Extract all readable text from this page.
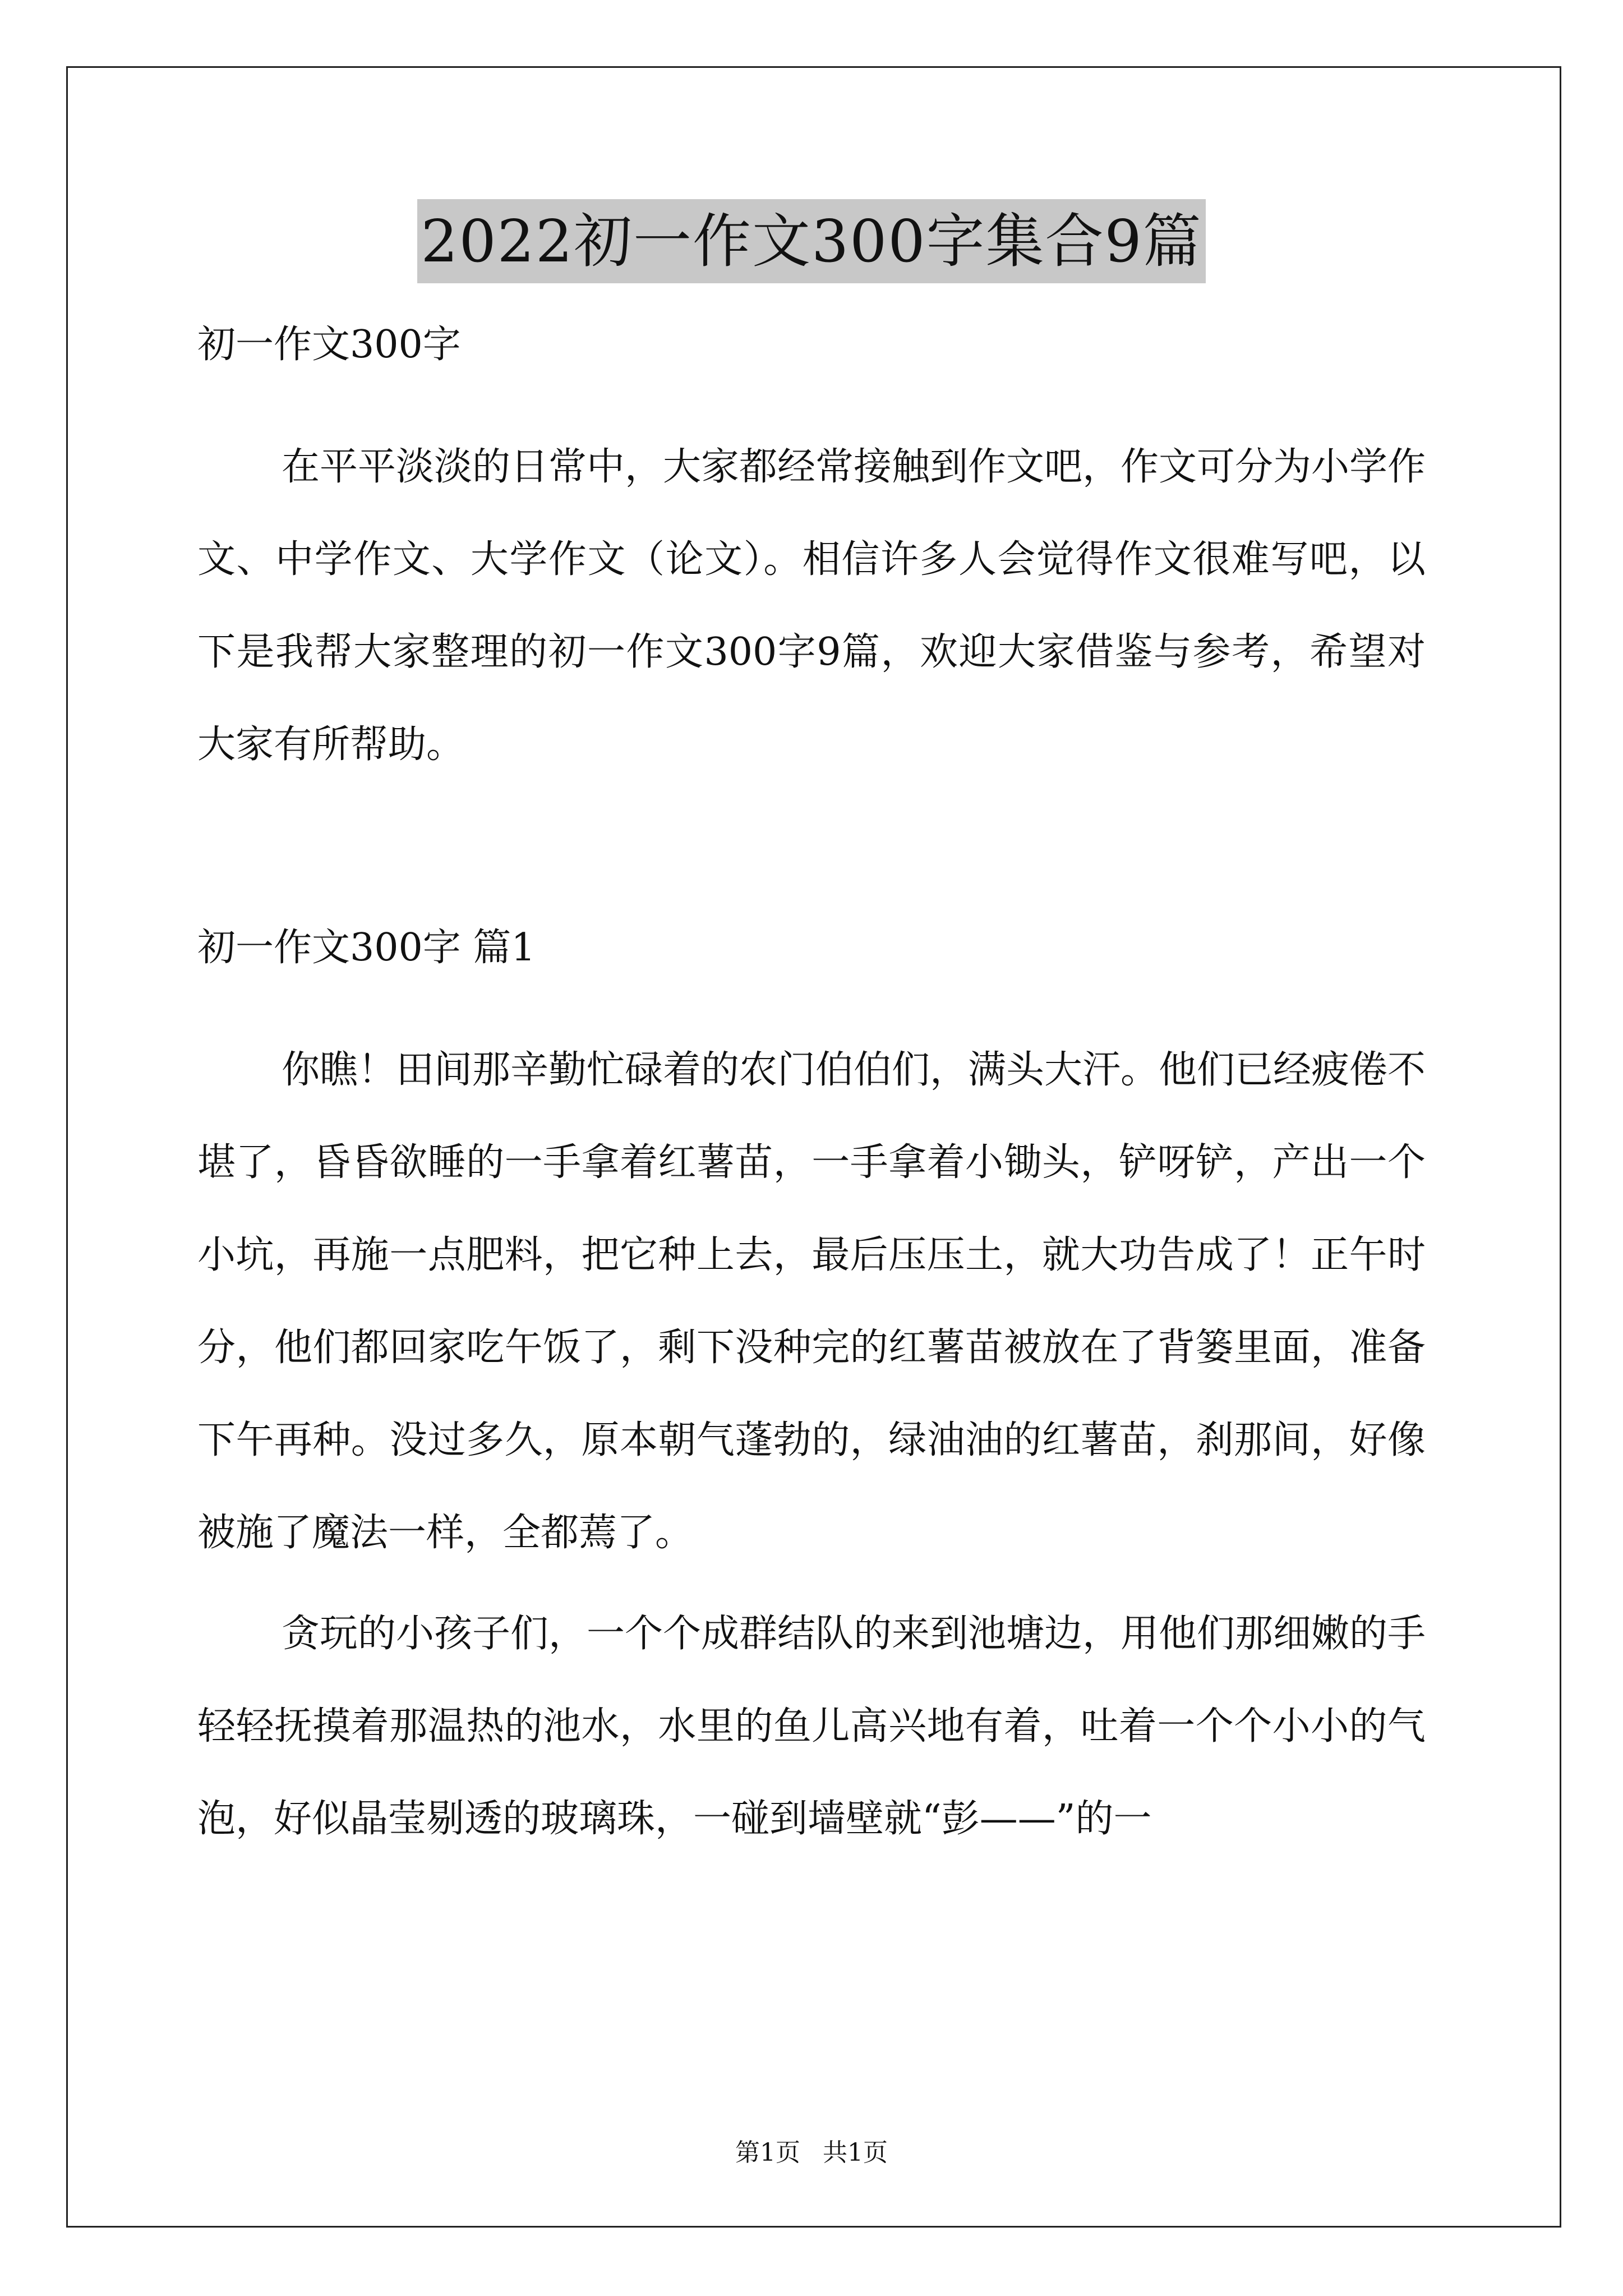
2022初一作文300字集合9篇
初一作文300字

在平平淡淡的日常中，大家都经常接触到作文吧，作文可分为小学作文、中学作文、大学作文（论文）。相信许多人会觉得作文很难写吧，以下是我帮大家整理的初一作文300字9篇，欢迎大家借鉴与参考，希望对大家有所帮助。

初一作文300字 篇1

你瞧！田间那辛勤忙碌着的农门伯伯们，满头大汗。他们已经疲倦不堪了，昏昏欲睡的一手拿着红薯苗，一手拿着小锄头，铲呀铲，产出一个小坑，再施一点肥料，把它种上去，最后压压土，就大功告成了！正午时分，他们都回家吃午饭了，剩下没种完的红薯苗被放在了背篓里面，准备下午再种。没过多久，原本朝气蓬勃的，绿油油的红薯苗，刹那间，好像被施了魔法一样，全都蔫了。

贪玩的小孩子们，一个个成群结队的来到池塘边，用他们那细嫩的手轻轻抚摸着那温热的池水，水里的鱼儿高兴地有着，吐着一个个小小的气泡，好似晶莹剔透的玻璃珠，一碰到墙壁就“彭——”的一

第1页 共1页
